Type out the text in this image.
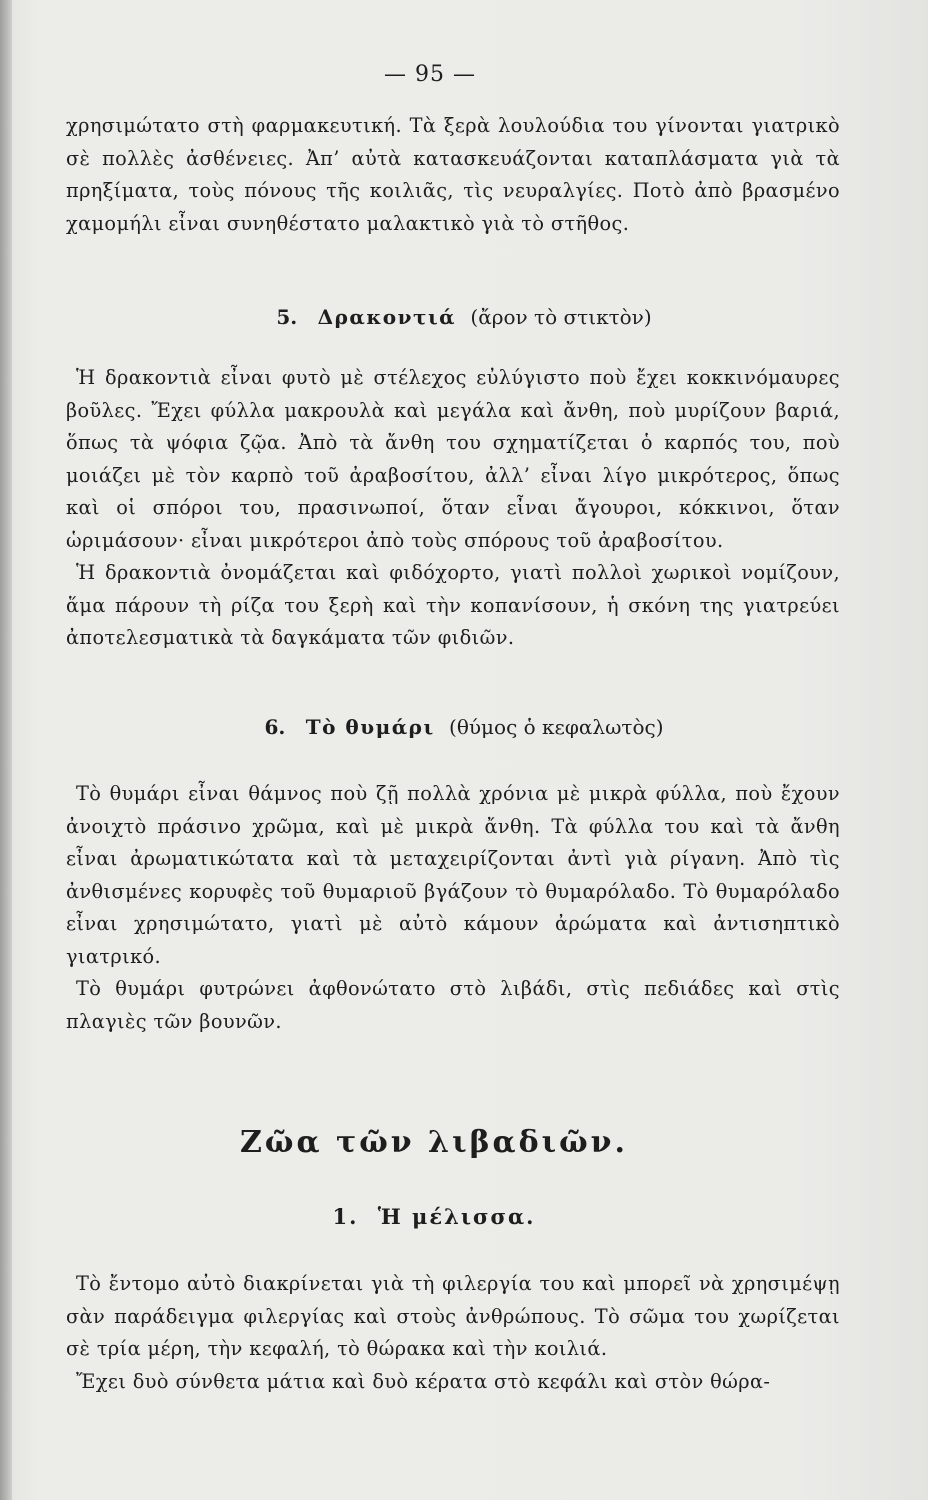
— 95 —

χρησιμώτατο στὴ φαρμακευτική. Τὰ ξερὰ λουλούδια του γίνονται γιατρικὸ σὲ πολλὲς ἀσθένειες. Ἀπ’ αὐτὰ κατασκευάζονται καταπλάσματα γιὰ τὰ πρηξίματα, τοὺς πόνους τῆς κοιλιᾶς, τὶς νευραλγίες. Ποτὸ ἀπὸ βρασμένο χαμομήλι εἶναι συνηθέστατο μαλακτικὸ γιὰ τὸ στῆθος.

5. Δρακοντιά (ἄρον τὸ στικτὸν)

Ἡ δρακοντιὰ εἶναι φυτὸ μὲ στέλεχος εὐλύγιστο ποὺ ἔχει κοκκινόμαυρες βοῦλες. Ἔχει φύλλα μακρουλὰ καὶ μεγάλα καὶ ἄνθη, ποὺ μυρίζουν βαριά, ὅπως τὰ ψόφια ζῷα. Ἀπὸ τὰ ἄνθη του σχηματίζεται ὁ καρπός του, ποὺ μοιάζει μὲ τὸν καρπὸ τοῦ ἀραβοσίτου, ἀλλ’ εἶναι λίγο μικρότερος, ὅπως καὶ οἱ σπόροι του, πρασινωποί, ὅταν εἶναι ἄγουροι, κόκκινοι, ὅταν ὡριμάσουν· εἶναι μικρότεροι ἀπὸ τοὺς σπόρους τοῦ ἀραβοσίτου.

Ἡ δρακοντιὰ ὀνομάζεται καὶ φιδόχορτο, γιατὶ πολλοὶ χωρικοὶ νομίζουν, ἅμα πάρουν τὴ ρίζα του ξερὴ καὶ τὴν κοπανίσουν, ἡ σκόνη της γιατρεύει ἀποτελεσματικὰ τὰ δαγκάματα τῶν φιδιῶν.

6. Τὸ θυμάρι (θύμος ὁ κεφαλωτὸς)

Τὸ θυμάρι εἶναι θάμνος ποὺ ζῇ πολλὰ χρόνια μὲ μικρὰ φύλλα, ποὺ ἔχουν ἀνοιχτὸ πράσινο χρῶμα, καὶ μὲ μικρὰ ἄνθη. Τὰ φύλλα του καὶ τὰ ἄνθη εἶναι ἀρωματικώτατα καὶ τὰ μεταχειρίζονται ἀντὶ γιὰ ρίγανη. Ἀπὸ τὶς ἀνθισμένες κορυφὲς τοῦ θυμαριοῦ βγάζουν τὸ θυμαρόλαδο. Τὸ θυμαρόλαδο εἶναι χρησιμώτατο, γιατὶ μὲ αὐτὸ κάμουν ἀρώματα καὶ ἀντισηπτικὸ γιατρικό.

Τὸ θυμάρι φυτρώνει ἀφθονώτατο στὸ λιβάδι, στὶς πεδιάδες καὶ στὶς πλαγιὲς τῶν βουνῶν.

Ζῶα τῶν λιβαδιῶν.
1. Ἡ μέλισσα.

Τὸ ἔντομο αὐτὸ διακρίνεται γιὰ τὴ φιλεργία του καὶ μπορεῖ νὰ χρησιμέψῃ σὰν παράδειγμα φιλεργίας καὶ στοὺς ἀνθρώπους. Τὸ σῶμα του χωρίζεται σὲ τρία μέρη, τὴν κεφαλή, τὸ θώρακα καὶ τὴν κοιλιά.

Ἔχει δυὸ σύνθετα μάτια καὶ δυὸ κέρατα στὸ κεφάλι καὶ στὸν θώρα-
